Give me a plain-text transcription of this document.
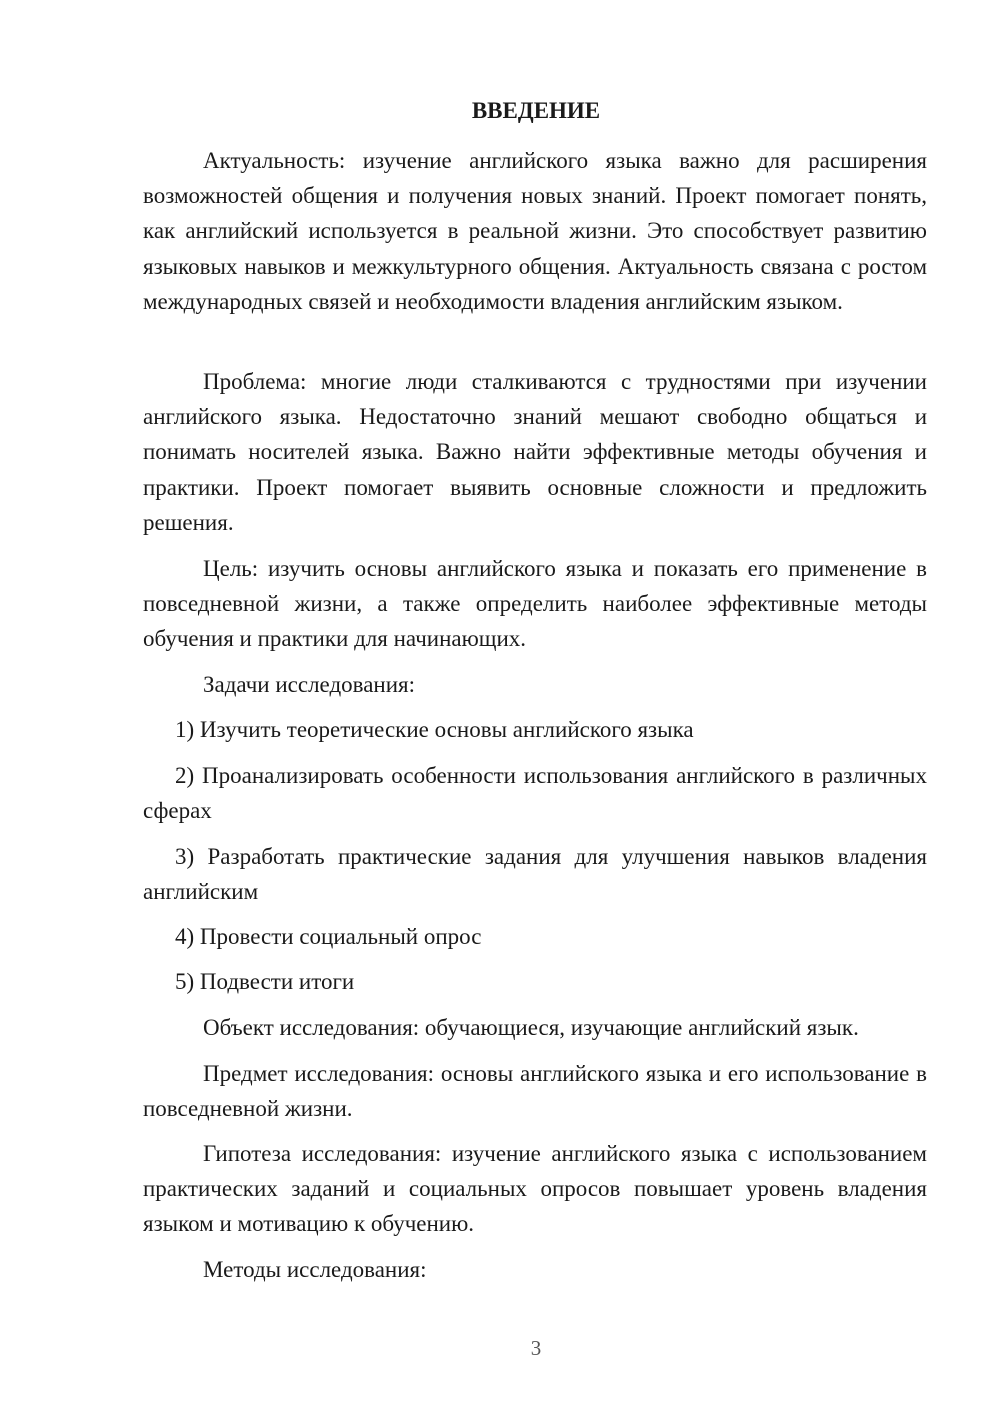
ВВЕДЕНИЕ

Актуальность: изучение английского языка важно для расширения возможностей общения и получения новых знаний. Проект помогает понять, как английский используется в реальной жизни. Это способствует развитию языковых навыков и межкультурного общения. Актуальность связана с ростом международных связей и необходимости владения английским языком.

Проблема: многие люди сталкиваются с трудностями при изучении английского языка. Недостаточно знаний мешают свободно общаться и понимать носителей языка. Важно найти эффективные методы обучения и практики. Проект помогает выявить основные сложности и предложить решения.

Цель: изучить основы английского языка и показать его применение в повседневной жизни, а также определить наиболее эффективные методы обучения и практики для начинающих.

Задачи исследования:

1) Изучить теоретические основы английского языка

2) Проанализировать особенности использования английского в различных сферах

3) Разработать практические задания для улучшения навыков владения английским

4) Провести социальный опрос

5) Подвести итоги

Объект исследования: обучающиеся, изучающие английский язык.

Предмет исследования: основы английского языка и его использование в повседневной жизни.

Гипотеза исследования: изучение английского языка с использованием практических заданий и социальных опросов повышает уровень владения языком и мотивацию к обучению.

Методы исследования:

3
